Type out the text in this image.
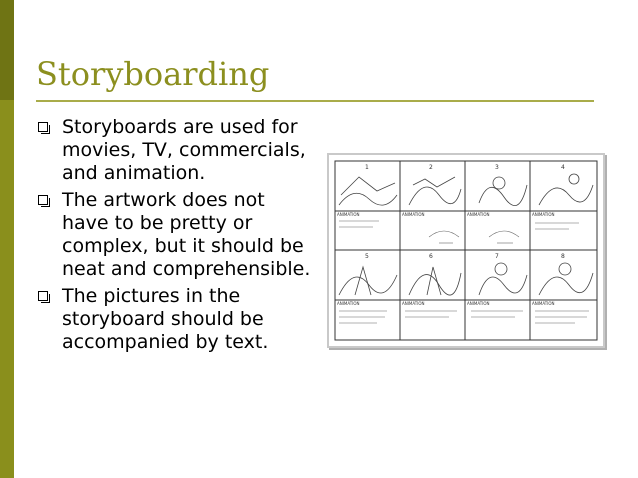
Storyboarding
Storyboards are used for movies, TV, commercials, and animation.
The artwork does not have to be pretty or complex, but it should be neat and comprehensible.
The pictures in the storyboard should be accompanied by text.
1	2	3	4
5	6	7	8
ANIMATION	ANIMATION	ANIMATION	ANIMATION
ANIMATION	ANIMATION	ANIMATION	ANIMATION
